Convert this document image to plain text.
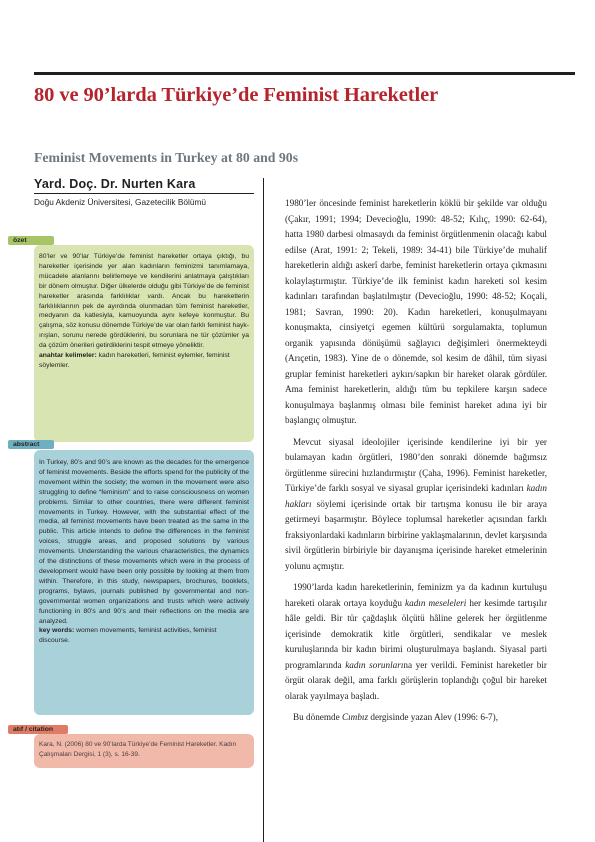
80 ve 90’larda Türkiye’de Feminist Hareketler
Feminist Movements in Turkey at 80 and 90s
Yard. Doç. Dr. Nurten Kara
Doğu Akdeniz Üniversitesi, Gazetecilik Bölümü
özet
80’ler ve 90’lar Türkiye’de feminist hareketler ortaya çıktığı, bu hareketler içerisinde yer alan kadınların feminizmi tanımlamaya, mücadele alanlarını belirlemeye ve kendilerini anlatmaya çalıştıkları bir dönem olmuştur. Diğer ülkelerde olduğu gibi Türkiye’de de feminist hareketler arasında farklılıklar vardı. Ancak bu hareketlerin farklılıklarının pek de ayırdında olunmadan tüm feminist hareketler, medyanın da katlesiyla, kamuoyunda aynı kefeye konmuştur. Bu çalışma, söz konusu dönemde Türkiye’de var olan farklı feminist haykırışları, sorunu nerede gördüklerini, bu sorunlara ne tür çözümler ya da çözüm önerileri getirdiklerini tespit etmeye yöneliktir.
anahtar kelimeler: kadın hareketleri, feminist eylemler, feminist söylemler.
abstract
In Turkey, 80’s and 90’s are known as the decades for the emergence of feminist movements. Beside the efforts spend for the publicity of the movement within the society; the women in the movement were also struggling to define “feminism” and to raise consciousness on women problems. Similar to other countries, there were different feminist movements in Turkey. However, with the substantial effect of the media, all feminist movements have been treated as the same in the public. This article intends to define the differences in the feminist voices, struggle areas, and proposed solutions by various movements. Understanding the various characteristics, the dynamics of the distinctions of these movements which were in the process of development would have been only possible by looking at them from within. Therefore, in this study, newspapers, brochures, booklets, programs, bylaws, journals published by governmental and non-governmental women organizations and trusts which were actively functioning in 80’s and 90’s and their reflections on the media are analyzed.
key words: women movements, feminist activities, feminist discourse.
atıf / citation
Kara, N. (2006) 80 ve 90’larda Türkiye’de Feminist Hareketler. Kadın Çalışmaları Dergisi, 1 (3), s. 16-39.

1980’ler öncesinde feminist hareketlerin köklü bir şekilde var olduğu (Çakır, 1991; 1994; Devecioğlu, 1990: 48-52; Kılıç, 1990: 62-64), hatta 1980 darbesi olmasaydı da feminist örgütlenmenin olacağı kabul edilse (Arat, 1991: 2; Tekeli, 1989: 34-41) bile Türkiye’de muhalif hareketlerin aldığı askerî darbe, feminist hareketlerin ortaya çıkmasını kolaylaştırmıştır. Türkiye’de ilk feminist kadın hareketi sol kesim kadınları tarafından başlatılmıştır (Devecioğlu, 1990: 48-52; Koçali, 1981; Savran, 1990: 20). Kadın hareketleri, konuşulmayanı konuşmakta, cinsiyetçi egemen kültürü sorgulamakta, toplumun organik yapısında dönüşümü sağlayıcı değişimleri önermekteydi (Arıçetin, 1983). Yine de o dönemde, sol kesim de dâhil, tüm siyasi gruplar feminist hareketleri aykırı/sapkın bir hareket olarak gördüler. Ama feminist hareketlerin, aldığı tüm bu tepkilere karşın sadece konuşulmaya başlanmış olması bile feminist hareket adına iyi bir başlangıç olmuştur.

Mevcut siyasal ideolojiler içerisinde kendilerine iyi bir yer bulamayan kadın örgütleri, 1980’den sonraki dönemde bağımsız örgütlenme sürecini hızlandırmıştır (Çaha, 1996). Feminist hareketler, Türkiye’de farklı sosyal ve siyasal gruplar içerisindeki kadınları kadın hakları söylemi içerisinde ortak bir tartışma konusu ile bir araya getirmeyi başarmıştır. Böylece toplumsal hareketler açısından farklı fraksiyonlardaki kadınların birbirine yaklaşmalarının, devlet karşısında sivil örgütlerin birbiriyle bir dayanışma içerisinde hareket etmelerinin yolunu açmıştır.

1990’larda kadın hareketlerinin, feminizm ya da kadının kurtuluşu hareketi olarak ortaya koyduğu kadın meseleleri her kesimde tartışılır hâle geldi. Bir tür çağdaşlık ölçütü hâline gelerek her örgütlenme içerisinde demokratik kitle örgütleri, sendikalar ve meslek kuruluşlarında bir kadın birimi oluşturulmaya başlandı. Siyasal parti programlarında kadın sorunlarına yer verildi. Feminist hareketler bir örgüt olarak değil, ama farklı görüşlerin toplandığı çoğul bir hareket olarak yayılmaya başladı.

Bu dönemde Cımbız dergisinde yazan Alev (1996: 6-7),
